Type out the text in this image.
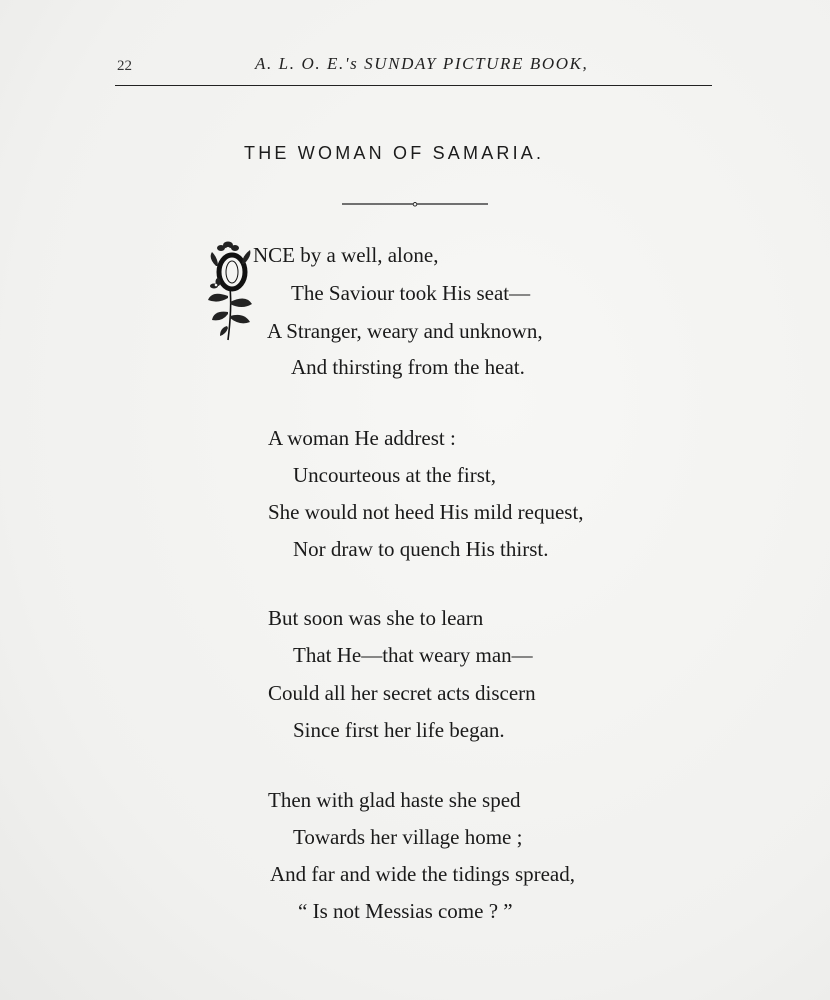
22	A. L. O. E.'s SUNDAY PICTURE BOOK,
THE WOMAN OF SAMARIA.
O NCE by a well, alone,
The Saviour took His seat—
A Stranger, weary and unknown,
And thirsting from the heat.
A woman He addrest :
Uncourteous at the first,
She would not heed His mild request,
Nor draw to quench His thirst.
But soon was she to learn
That He—that weary man—
Could all her secret acts discern
Since first her life began.
Then with glad haste she sped
Towards her village home ;
And far and wide the tidings spread,
“ Is not Messias come ? ”
